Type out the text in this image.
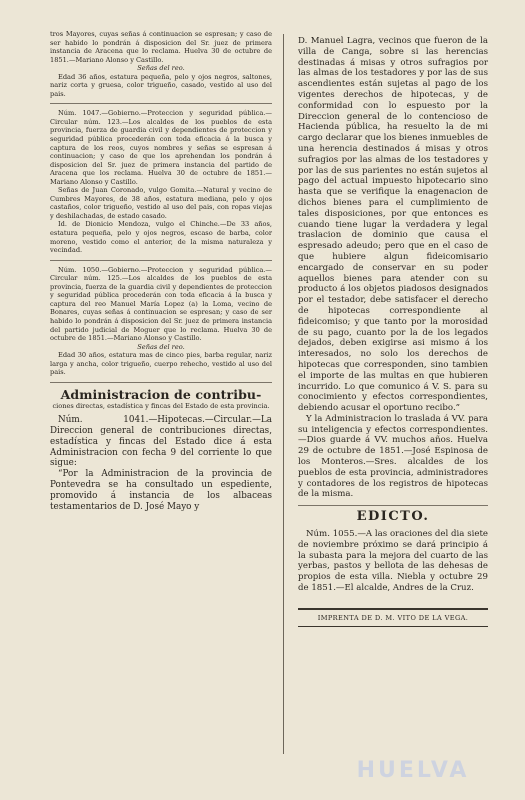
tros Mayores, cuyas señas á continuacion se espresan; y caso de ser habido lo pondrán á disposicion del Sr. juez de primera instancia de Aracena que lo reclama. Huelva 30 de octubre de 1851.—Mariano Alonso y Castillo.

Señas del reo.

Edad 36 años, estatura pequeña, pelo y ojos negros, saltones, nariz corta y gruesa, color trigueño, casado, vestido al uso del pais.

Núm. 1047.—Gobierno.—Proteccion y seguridad pública.—Circular núm. 123.—Los alcaldes de los pueblos de esta provincia, fuerza de guardia civil y dependientes de proteccion y seguridad pública procederán con toda eficacia á la busca y captura de los reos, cuyos nombres y señas se espresan á continuacion; y caso de que los aprehendan los pondrán á disposicion del Sr. juez de primera instancia del partido de Aracena que los reclama. Huelva 30 de octubre de 1851.—Mariano Alonso y Castillo.

Señas de Juan Coronado, vulgo Gomita.—Natural y vecino de Cumbres Mayores, de 38 años, estatura mediana, pelo y ojos castaños, color trigueño, vestido al uso del pais, con ropas viejas y deshilachadas, de estado casado.

Id. de Dionicio Mendoza, vulgo el Chinche.—De 33 años, estatura pequeña, pelo y ojos negros, escaso de barba, color moreno, vestido como el anterior, de la misma naturaleza y vecindad.

Núm. 1050.—Gobierno.—Proteccion y seguridad pública.—Circular núm. 125.—Los alcaldes de los pueblos de esta provincia, fuerza de la guardia civil y dependientes de proteccion y seguridad pública procederán con toda eficacia á la busca y captura del reo Manuel María Lopez (a) la Loma, vecino de Bonares, cuyas señas á continuacion se espresan; y caso de ser habido lo pondrán á disposicion del Sr. juez de primera instancia del partido judicial de Moguer que lo reclama. Huelva 30 de octubre de 1851.—Mariano Alonso y Castillo.

Señas del reo.

Edad 30 años, estatura mas de cinco pies, barba regular, nariz larga y ancha, color trigueño, cuerpo rehecho, vestido al uso del pais.

Administracion de contribu-
ciones directas, estadística y fincas del Estado de esta provincia.

Núm. 1041.—Hipotecas.—Circular.—La Direccion general de contribuciones directas, estadística y fincas del Estado dice á esta Administracion con fecha 9 del corriente lo que sigue:

“Por la Administracion de la provincia de Pontevedra se ha consultado un espediente, promovido á instancia de los albaceas testamentarios de D. José Mayo y

D. Manuel Lagra, vecinos que fueron de la villa de Canga, sobre si las herencias destinadas á misas y otros sufragios por las almas de los testadores y por las de sus ascendientes están sujetas al pago de los vigentes derechos de hipotecas, y de conformidad con lo espuesto por la Direccion general de lo contencioso de Hacienda pública, ha resuelto la de mi cargo declarar que los bienes inmuebles de una herencia destinados á misas y otros sufragios por las almas de los testadores y por las de sus parientes no están sujetos al pago del actual impuesto hipotecario sino hasta que se verifique la enagenacion de dichos bienes para el cumplimiento de tales disposiciones, por que entonces es cuando tiene lugar la verdadera y legal traslacion de dominio que causa el espresado adeudo; pero que en el caso de que hubiere algun fideicomisario encargado de conservar en su poder aquellos bienes para atender con su producto á los objetos piadosos designados por el testador, debe satisfacer el derecho de hipotecas correspondiente al fideicomiso; y que tanto por la morosidad de su pago, cuanto por la de los legados dejados, deben exigirse asi mismo á los interesados, no solo los derechos de hipotecas que corresponden, sino tambien el importe de las multas en que hubieren incurrido. Lo que comunico á V. S. para su conocimiento y efectos correspondientes, debiendo acusar el oportuno recibo.”

Y la Administracion lo traslada á VV. para su inteligencia y efectos correspondientes.—Dios guarde á VV. muchos años. Huelva 29 de octubre de 1851.—José Espinosa de los Monteros.—Sres. alcaldes de los pueblos de esta provincia, administradores y contadores de los registros de hipotecas de la misma.

EDICTO.

Núm. 1055.—A las oraciones del dia siete de noviembre próximo se dará principio á la subasta para la mejora del cuarto de las yerbas, pastos y bellota de las dehesas de propios de esta villa. Niebla y octubre 29 de 1851.—El alcalde, Andres de la Cruz.

IMPRENTA DE D. M. VITO DE LA VEGA.
HUELVA
